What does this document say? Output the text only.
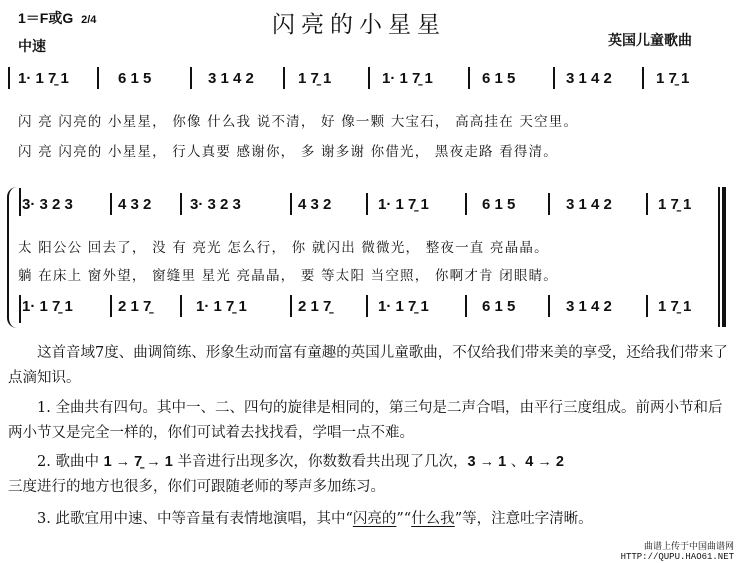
1＝F或G 2/4
中速
闪亮的小星星
英国儿童歌曲
1· 1 7̱ 1	6 1 5	3 1 4 2	1 7̱ 1	1· 1 7̱ 1	6 1 5	3 1 4 2	1 7̱ 1
闪 亮 闪亮的 小星星， 你像 什么我 说不清， 好 像一颗 大宝石， 高高挂在 天空里。
闪 亮 闪亮的 小星星， 行人真要 感谢你， 多 谢多谢 你借光， 黑夜走路 看得清。
3· 3 2 3	4 3 2	3· 3 2 3	4 3 2	1· 1 7̱ 1	6 1 5	3 1 4 2	1 7̱ 1
太 阳公公 回去了， 没 有 亮光 怎么行， 你 就闪出 微微光， 整夜一直 亮晶晶。
躺 在床上 窗外望， 窗缝里 星光 亮晶晶， 要 等太阳 当空照， 你啊才肯 闭眼睛。
1· 1 7̱ 1	2 1 7̱	1· 1 7̱ 1	2 1 7̱	1· 1 7̱ 1	6 1 5	3 1 4 2	1 7̱ 1
　　这首音域7度、曲调简练、形象生动而富有童趣的英国儿童歌曲，不仅给我们带来美的享受，还给我们带来了点滴知识。
　　1. 全曲共有四句。其中一、二、四句的旋律是相同的，第三句是二声合唱，由平行三度组成。前两小节和后两小节又是完全一样的，你们可试着去找找看，学唱一点不难。
　　2. 歌曲中 1 → 7̱ → 1 半音进行出现多次，你数数看共出现了几次，3 → 1 、4 → 2
三度进行的地方也很多，你们可跟随老师的琴声多加练习。
　　3. 此歌宜用中速、中等音量有表情地演唱，其中“闪亮的”“什么我”等，注意吐字清晰。
曲谱上传于中国曲谱网
HTTP://QUPU.HAO61.NET
